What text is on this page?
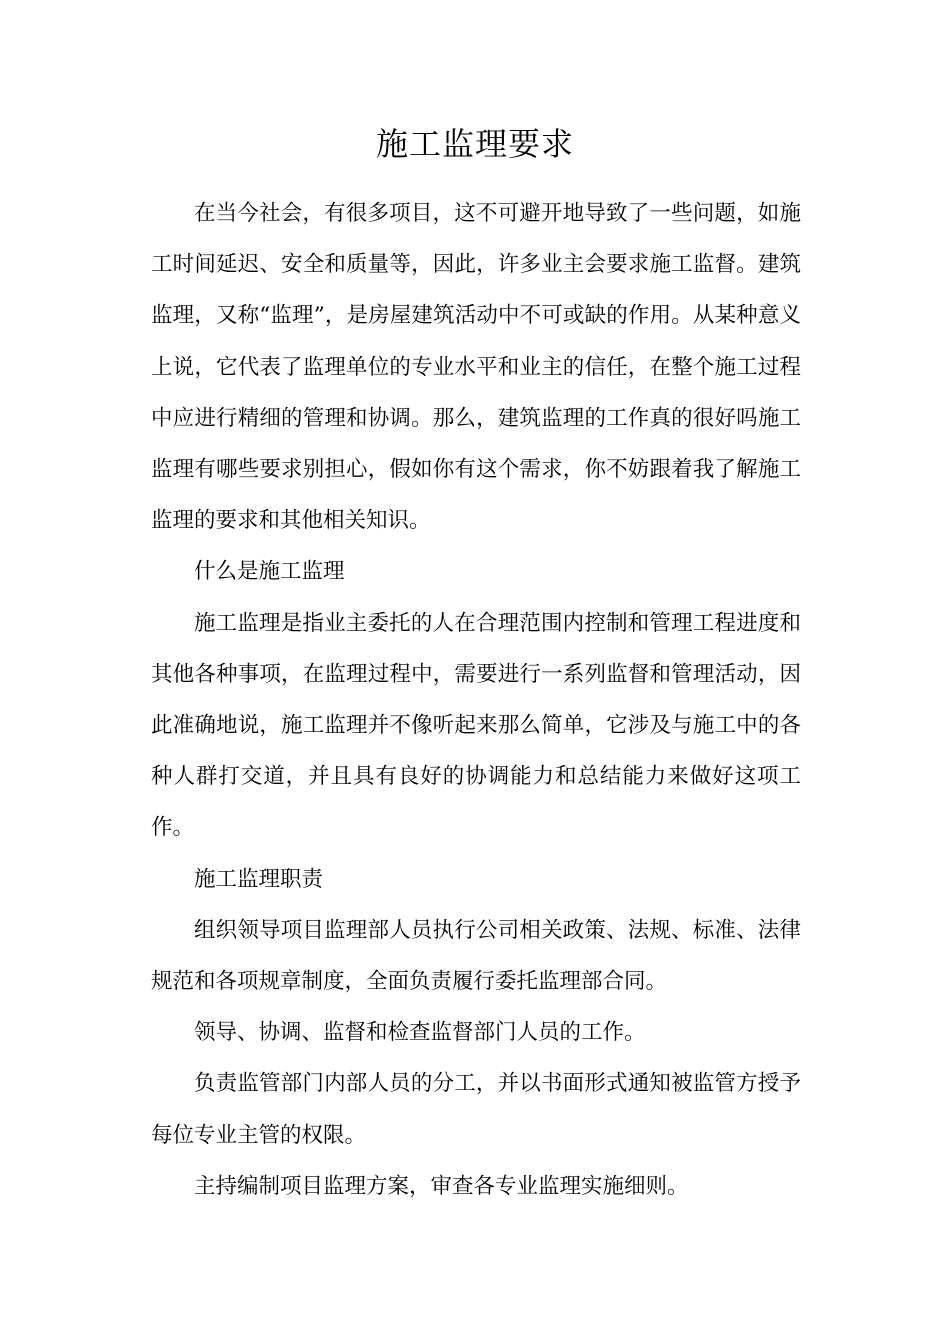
施工监理要求

在当今社会，有很多项目，这不可避开地导致了一些问题，如施工时间延迟、安全和质量等，因此，许多业主会要求施工监督。建筑监理，又称“监理”，是房屋建筑活动中不可或缺的作用。从某种意义上说，它代表了监理单位的专业水平和业主的信任，在整个施工过程中应进行精细的管理和协调。那么，建筑监理的工作真的很好吗施工监理有哪些要求别担心，假如你有这个需求，你不妨跟着我了解施工监理的要求和其他相关知识。

什么是施工监理

施工监理是指业主委托的人在合理范围内控制和管理工程进度和其他各种事项，在监理过程中，需要进行一系列监督和管理活动，因此准确地说，施工监理并不像听起来那么简单，它涉及与施工中的各种人群打交道，并且具有良好的协调能力和总结能力来做好这项工作。

施工监理职责

组织领导项目监理部人员执行公司相关政策、法规、标准、法律规范和各项规章制度，全面负责履行委托监理部合同。

领导、协调、监督和检查监督部门人员的工作。

负责监管部门内部人员的分工，并以书面形式通知被监管方授予每位专业主管的权限。

主持编制项目监理方案，审查各专业监理实施细则。
